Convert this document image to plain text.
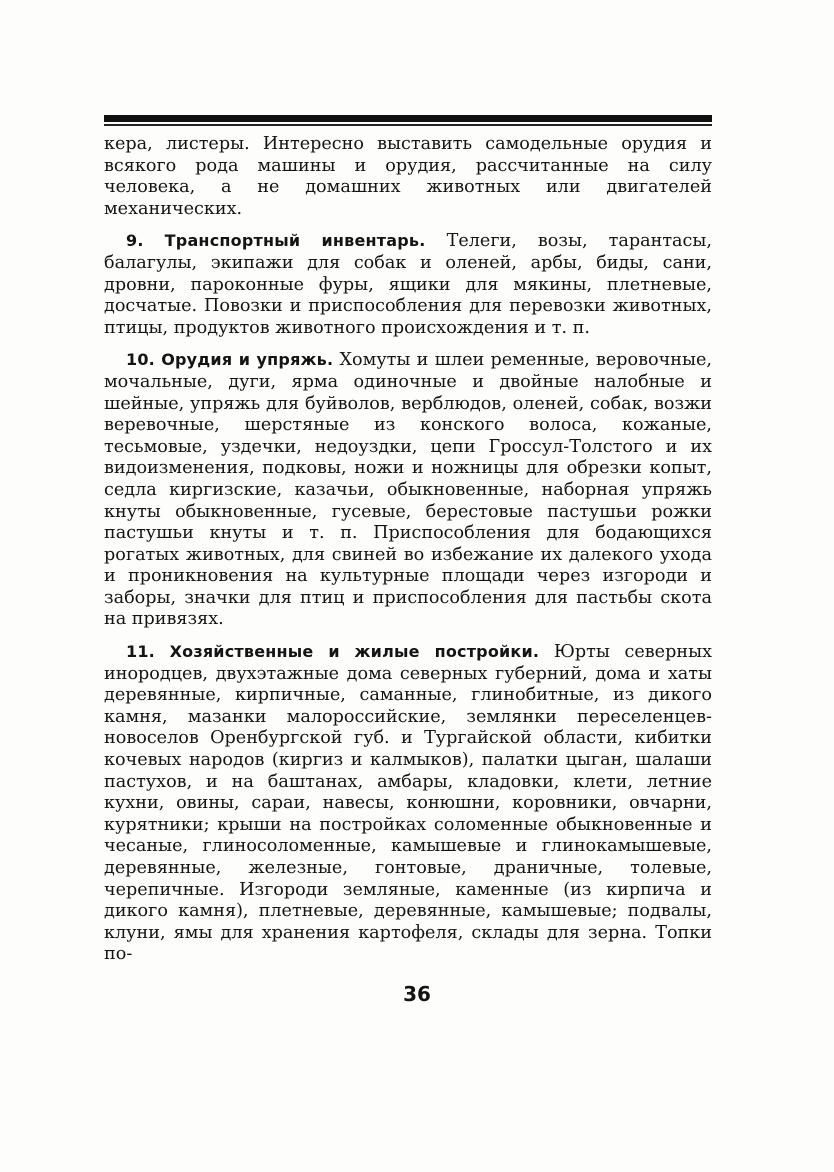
кера, листеры. Интересно выставить самодельные орудия и всякого рода машины и орудия, рассчитанные на силу человека, а не домашних животных или двигателей механических.

9. Транспортный инвентарь. Телеги, возы, тарантасы, балагулы, экипажи для собак и оленей, арбы, биды, сани, дровни, пароконные фуры, ящики для мякины, плетневые, досчатые. Повозки и приспособления для перевозки животных, птицы, продуктов животного происхождения и т. п.

10. Орудия и упряжь. Хомуты и шлеи ременные, веровочные, мочальные, дуги, ярма одиночные и двойные налобные и шейные, упряжь для буйволов, верблюдов, оленей, собак, возжи веревочные, шерстяные из конского волоса, кожаные, тесьмовые, уздечки, недоуздки, цепи Гроссул-Толстого и их видоизменения, подковы, ножи и ножницы для обрезки копыт, седла киргизские, казачьи, обыкновенные, наборная упряжь кнуты обыкновенные, гусевые, берестовые пастушьи рожки пастушьи кнуты и т. п. Приспособления для бодающихся рогатых животных, для свиней во избежание их далекого ухода и проникновения на культурные площади через изгороди и заборы, значки для птиц и приспособления для пастьбы скота на привязях.

11. Хозяйственные и жилые постройки. Юрты северных инородцев, двухэтажные дома северных губерний, дома и хаты деревянные, кирпичные, саманные, глинобитные, из дикого камня, мазанки малороссийские, землянки переселенцев-новоселов Оренбургской губ. и Тургайской области, кибитки кочевых народов (киргиз и калмыков), палатки цыган, шалаши пастухов, и на баштанах, амбары, кладовки, клети, летние кухни, овины, сараи, навесы, конюшни, коровники, овчарни, курятники; крыши на постройках соломенные обыкновенные и чесаные, глиносоломенные, камышевые и глинокамышевые, деревянные, железные, гонтовые, драничные, толевые, черепичные. Изгороди земляные, каменные (из кирпича и дикого камня), плетневые, деревянные, камышевые; подвалы, клуни, ямы для хранения картофеля, склады для зерна. Топки по-

36
